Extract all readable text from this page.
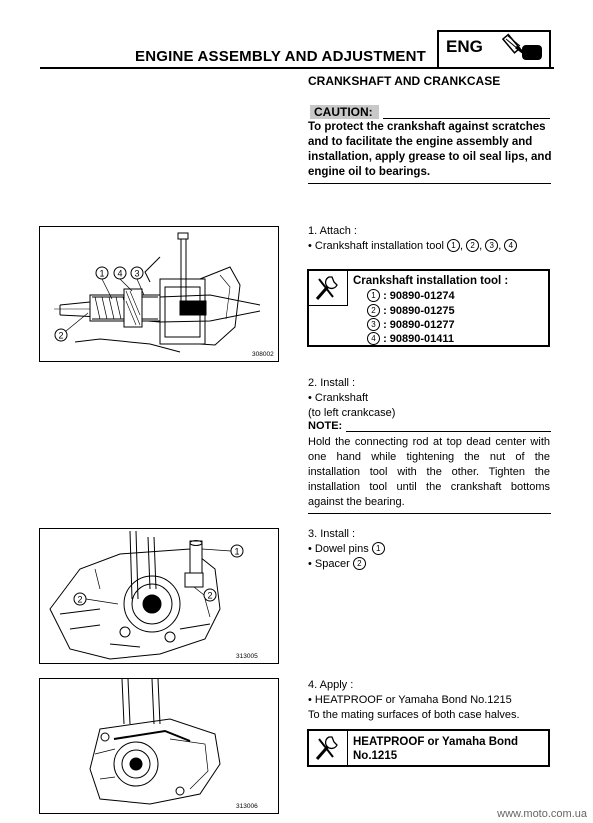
ENGINE ASSEMBLY AND ADJUSTMENT
ENG
CRANKSHAFT AND CRANKCASE
CAUTION:
To protect the crankshaft against scratches and to facilitate the engine assembly and installation, apply grease to oil seal lips, and engine oil to bearings.
1 4 3
2
308002
1. Attach :
• Crankshaft installation tool 1 , 2 , 3 , 4
Crankshaft installation tool :
1 : 90890-01274
2 : 90890-01275
3 : 90890-01277
4 : 90890-01411
2. Install :
• Crankshaft
(to left crankcase)
NOTE:
Hold the connecting rod at top dead center with one hand while tightening the nut of the installation tool with the other. Tighten the installation tool until the crankshaft bottoms against the bearing.
1
2	2
313005
3. Install :
• Dowel pins 1
• Spacer 2
313006
4. Apply :
• HEATPROOF or Yamaha Bond No.1215
To the mating surfaces of both case halves.
HEATPROOF or Yamaha Bond
No.1215
www.moto.com.ua
